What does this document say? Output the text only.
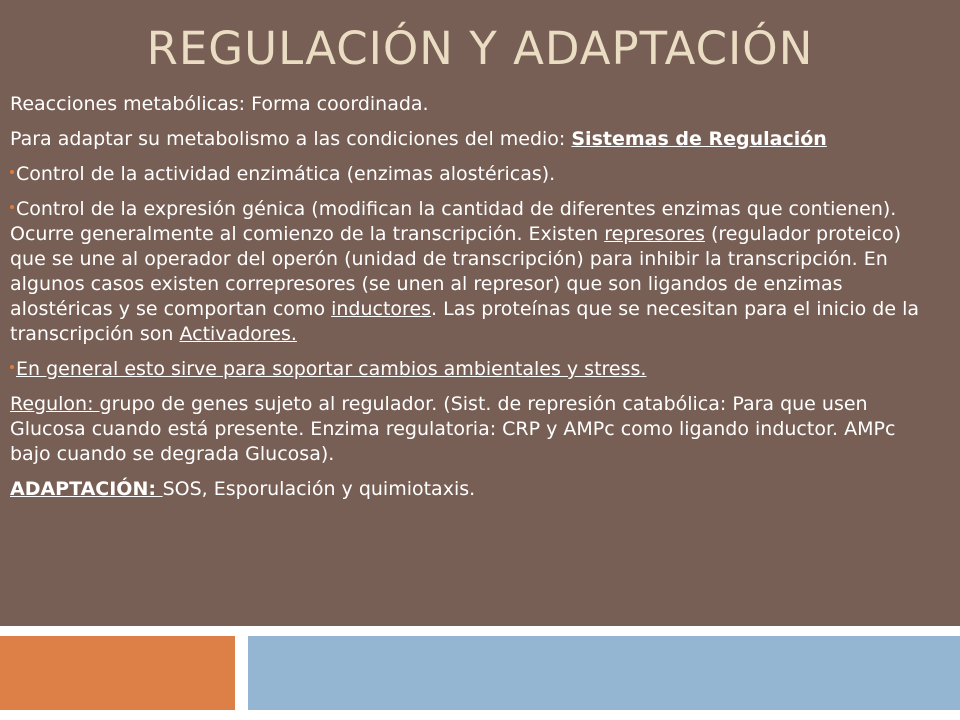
REGULACIÓN Y ADAPTACIÓN

Reacciones metabólicas: Forma coordinada.

Para adaptar su metabolismo a las condiciones del medio: Sistemas de Regulación

Control de la actividad enzimática (enzimas alostéricas).

Control de la expresión génica (modifican la cantidad de diferentes enzimas que contienen). Ocurre generalmente al comienzo de la transcripción. Existen represores (regulador proteico) que se une al operador del operón (unidad de transcripción) para inhibir la transcripción. En algunos casos existen correpresores (se unen al represor) que son ligandos de enzimas alostéricas y se comportan como inductores. Las proteínas que se necesitan para el inicio de la transcripción son Activadores.

En general esto sirve para soportar cambios ambientales y stress.

Regulon: grupo de genes sujeto al regulador. (Sist. de represión catabólica: Para que usen Glucosa cuando está presente. Enzima regulatoria: CRP y AMPc como ligando inductor. AMPc bajo cuando se degrada Glucosa).

ADAPTACIÓN: SOS, Esporulación y quimiotaxis.
